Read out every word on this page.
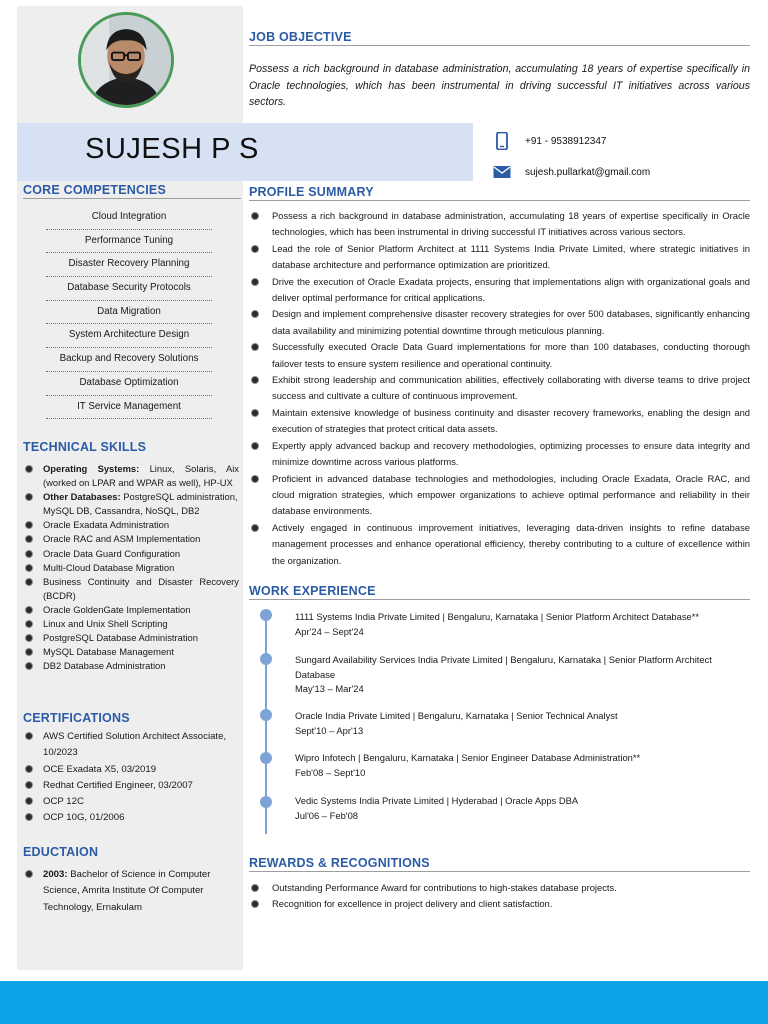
SUJESH P S	+91 - 9538912347
sujesh.pullarkat@gmail.com
JOB OBJECTIVE
Possess a rich background in database administration, accumulating 18 years of expertise specifically in Oracle technologies, which has been instrumental in driving successful IT initiatives across various sectors.
CORE COMPETENCIES
Cloud Integration
Performance Tuning
Disaster Recovery Planning
Database Security Protocols
Data Migration
System Architecture Design
Backup and Recovery Solutions
Database Optimization
IT Service Management
TECHNICAL SKILLS
Operating Systems: Linux, Solaris, Aix (worked on LPAR and WPAR as well), HP-UX
Other Databases: PostgreSQL administration, MySQL DB, Cassandra, NoSQL, DB2
Oracle Exadata Administration
Oracle RAC and ASM Implementation
Oracle Data Guard Configuration
Multi-Cloud Database Migration
Business Continuity and Disaster Recovery (BCDR)
Oracle GoldenGate Implementation
Linux and Unix Shell Scripting
PostgreSQL Database Administration
MySQL Database Management
DB2 Database Administration
CERTIFICATIONS
AWS Certified Solution Architect Associate, 10/2023
OCE Exadata X5, 03/2019
Redhat Certified Engineer, 03/2007
OCP 12C
OCP 10G, 01/2006
EDUCTAION
2003: Bachelor of Science in Computer Science, Amrita Institute Of Computer Technology, Ernakulam
PROFILE SUMMARY
Possess a rich background in database administration, accumulating 18 years of expertise specifically in Oracle technologies, which has been instrumental in driving successful IT initiatives across various sectors.
Lead the role of Senior Platform Architect at 1111 Systems India Private Limited, where strategic initiatives in database architecture and performance optimization are prioritized.
Drive the execution of Oracle Exadata projects, ensuring that implementations align with organizational goals and deliver optimal performance for critical applications.
Design and implement comprehensive disaster recovery strategies for over 500 databases, significantly enhancing data availability and minimizing potential downtime through meticulous planning.
Successfully executed Oracle Data Guard implementations for more than 100 databases, conducting thorough failover tests to ensure system resilience and operational continuity.
Exhibit strong leadership and communication abilities, effectively collaborating with diverse teams to drive project success and cultivate a culture of continuous improvement.
Maintain extensive knowledge of business continuity and disaster recovery frameworks, enabling the design and execution of strategies that protect critical data assets.
Expertly apply advanced backup and recovery methodologies, optimizing processes to ensure data integrity and minimize downtime across various platforms.
Proficient in advanced database technologies and methodologies, including Oracle Exadata, Oracle RAC, and cloud migration strategies, which empower organizations to achieve optimal performance and reliability in their database environments.
Actively engaged in continuous improvement initiatives, leveraging data-driven insights to refine database management processes and enhance operational efficiency, thereby contributing to a culture of excellence within the organization.
WORK EXPERIENCE
1111 Systems India Private Limited | Bengaluru, Karnataka | Senior Platform Architect Database**
Apr'24 – Sept'24
Sungard Availability Services India Private Limited | Bengaluru, Karnataka | Senior Platform Architect Database
May'13 – Mar'24
Oracle India Private Limited | Bengaluru, Karnataka | Senior Technical Analyst
Sept'10 – Apr'13
Wipro Infotech | Bengaluru, Karnataka | Senior Engineer Database Administration**
Feb'08 – Sept'10
Vedic Systems India Private Limited | Hyderabad | Oracle Apps DBA
Jul'06 – Feb'08
REWARDS & RECOGNITIONS
Outstanding Performance Award for contributions to high-stakes database projects.
Recognition for excellence in project delivery and client satisfaction.
